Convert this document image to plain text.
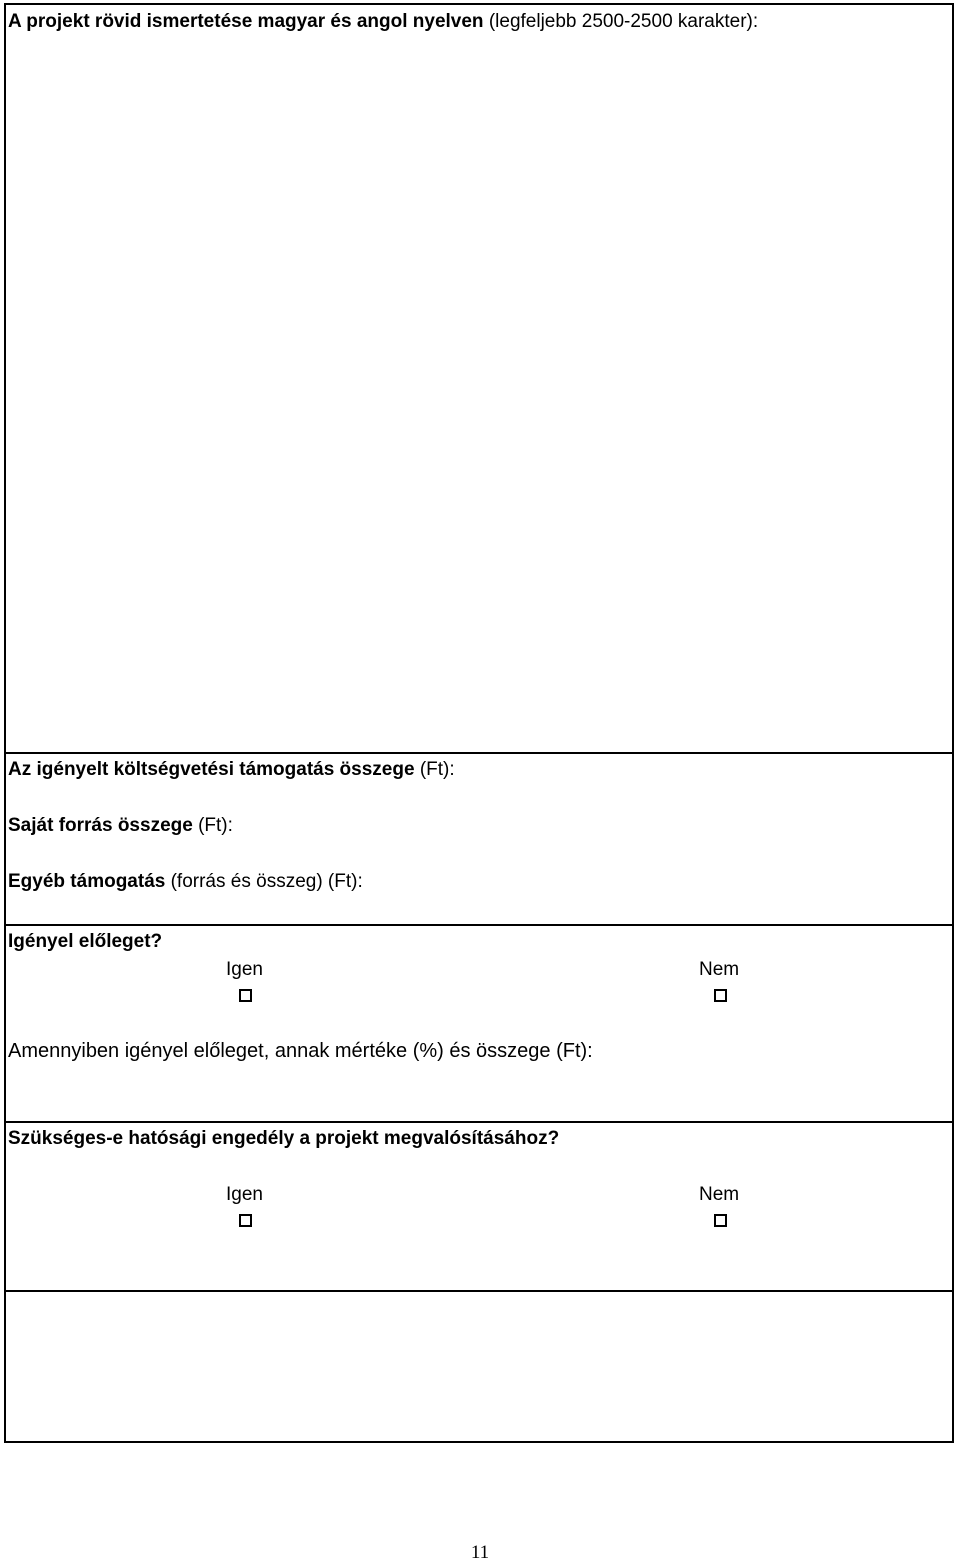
A projekt rövid ismertetése magyar és angol nyelven (legfeljebb 2500-2500 karakter):
Az igényelt költségvetési támogatás összege (Ft):
Saját forrás összege (Ft):
Egyéb támogatás (forrás és összeg) (Ft):
Igényel előleget?
Igen	Nem
Amennyiben igényel előleget, annak mértéke (%) és összege (Ft):
Szükséges-e hatósági engedély a projekt megvalósításához?
Igen	Nem
11
